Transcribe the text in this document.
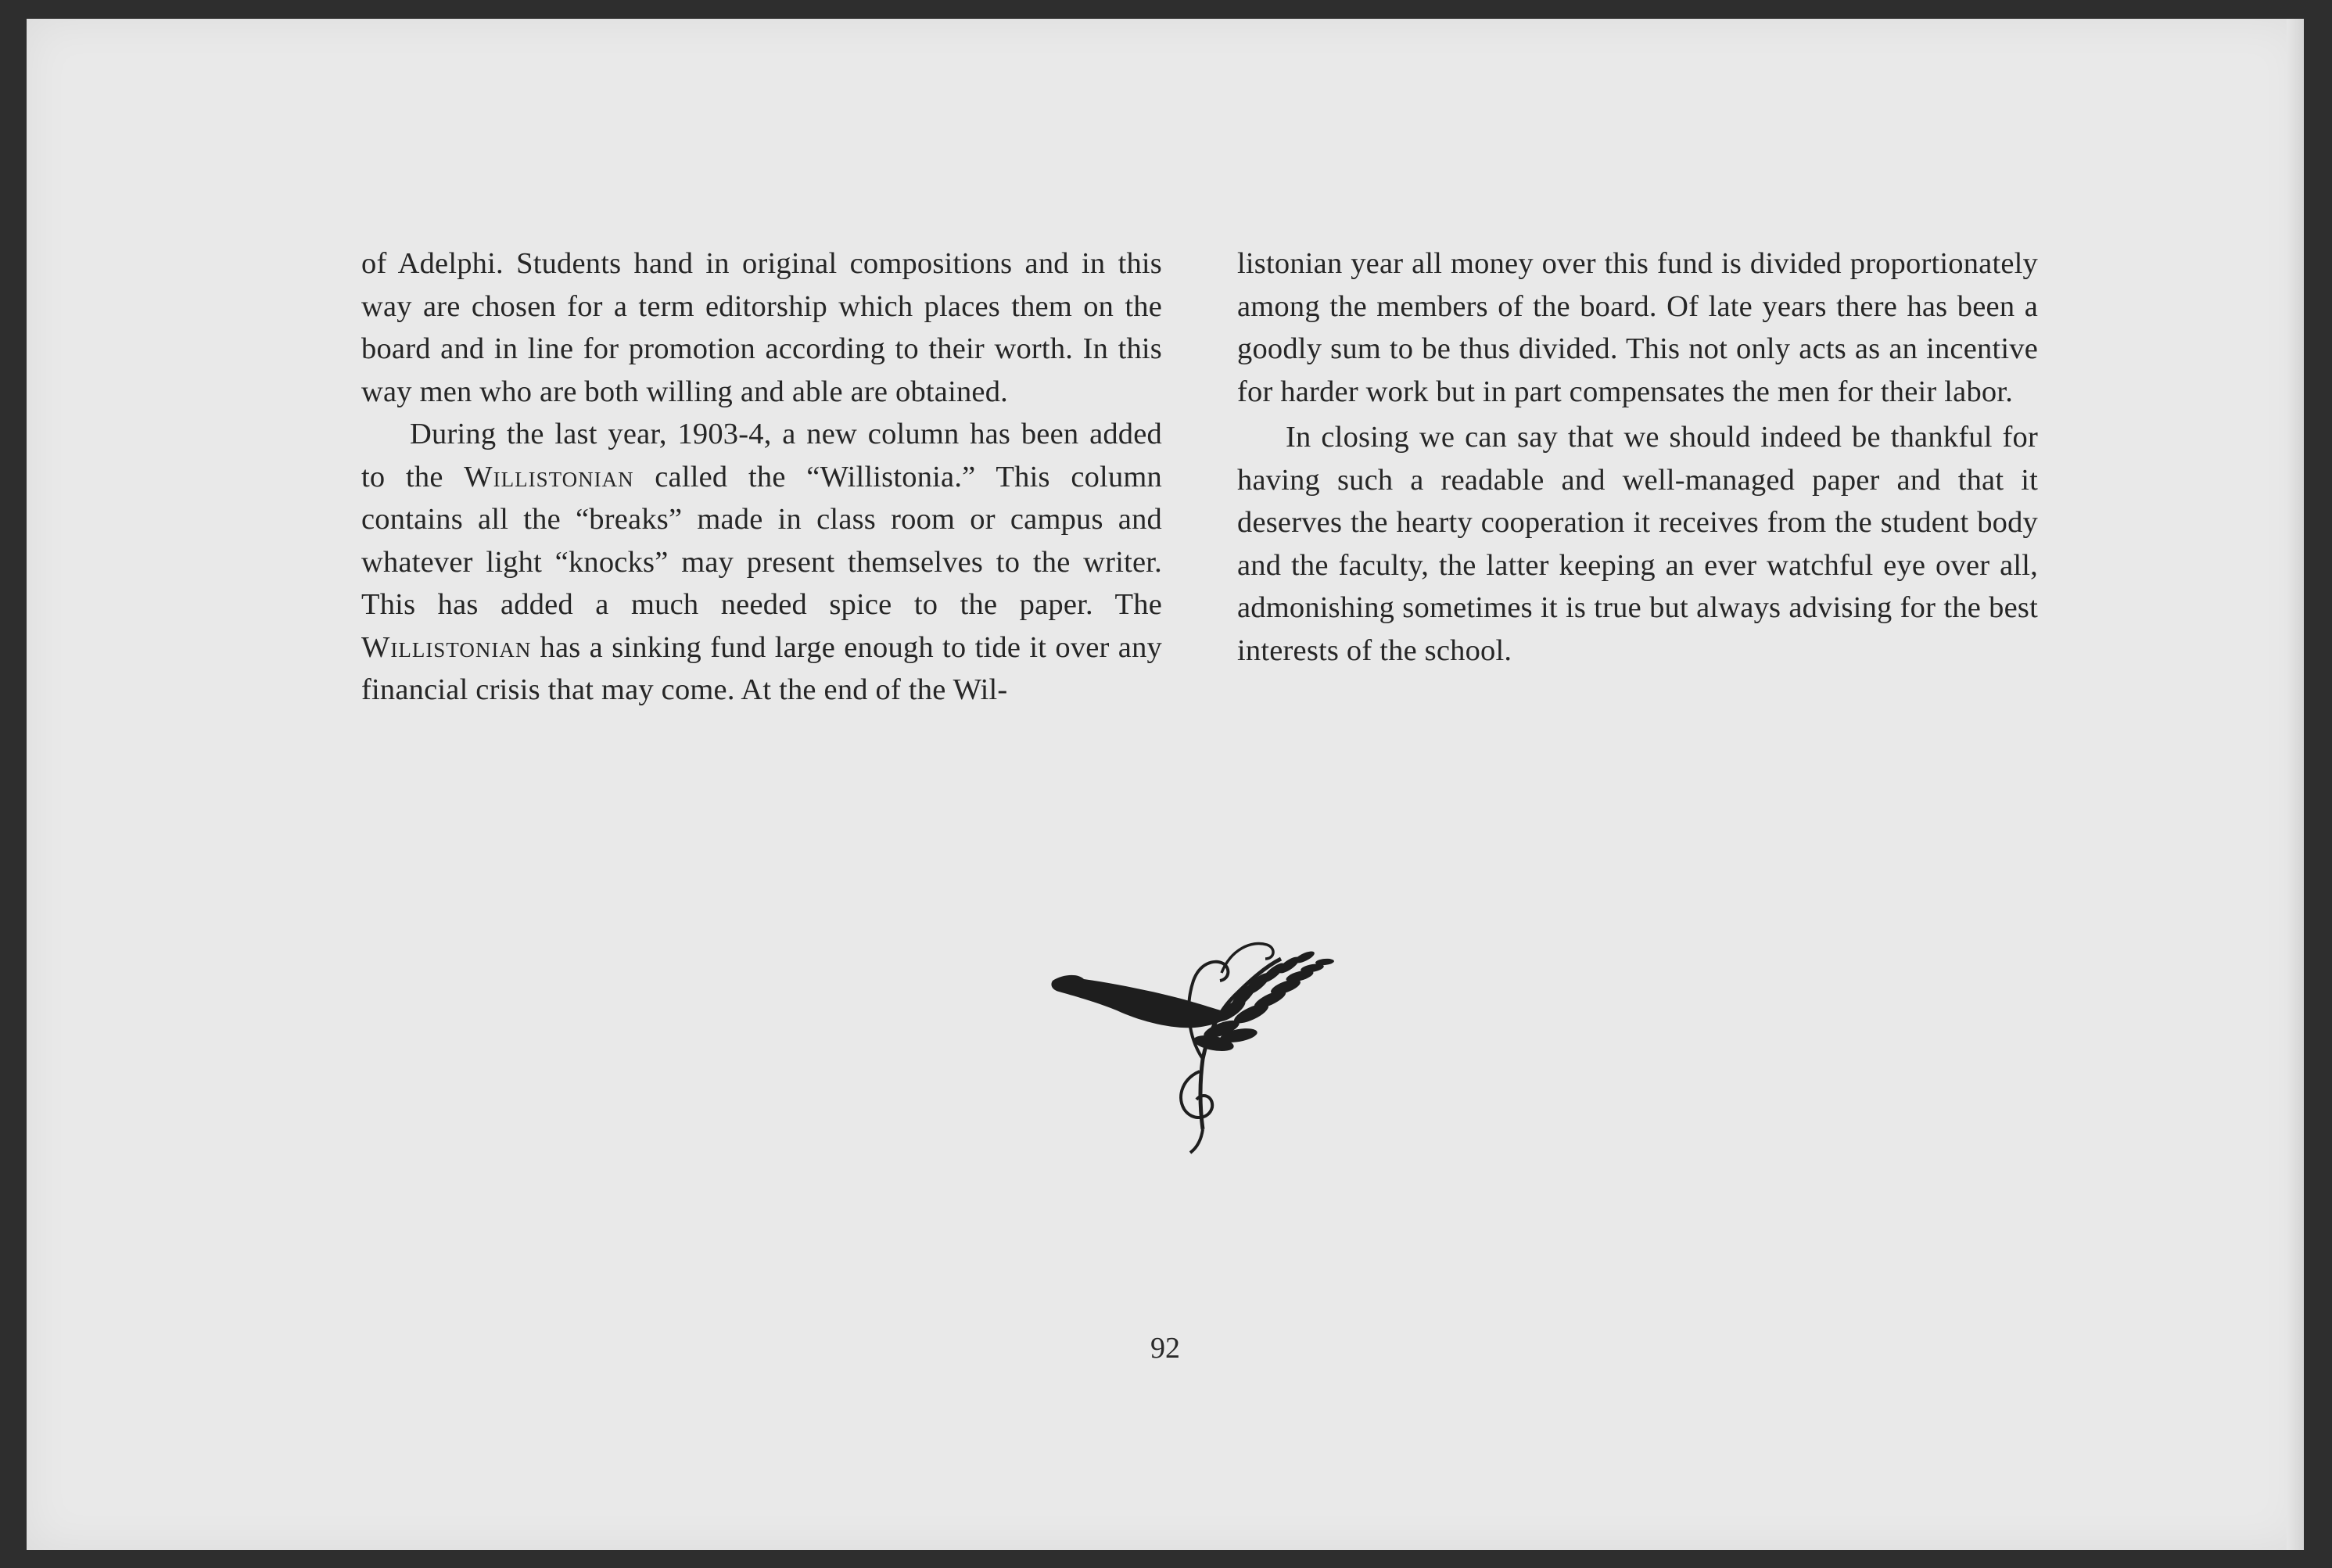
of Adelphi. Students hand in original compositions and in this way are chosen for a term editorship which places them on the board and in line for promotion according to their worth. In this way men who are both willing and able are obtained.

During the last year, 1903-4, a new column has been added to the Willistonian called the “Willistonia.” This column contains all the “breaks” made in class room or campus and whatever light “knocks” may present themselves to the writer. This has added a much needed spice to the paper. The Willistonian has a sinking fund large enough to tide it over any financial crisis that may come. At the end of the Wil-

listonian year all money over this fund is divided proportionately among the members of the board. Of late years there has been a goodly sum to be thus divided. This not only acts as an incentive for harder work but in part compensates the men for their labor.

In closing we can say that we should indeed be thankful for having such a readable and well-managed paper and that it deserves the hearty cooperation it receives from the student body and the faculty, the latter keeping an ever watchful eye over all, admonishing sometimes it is true but always advising for the best interests of the school.

92
